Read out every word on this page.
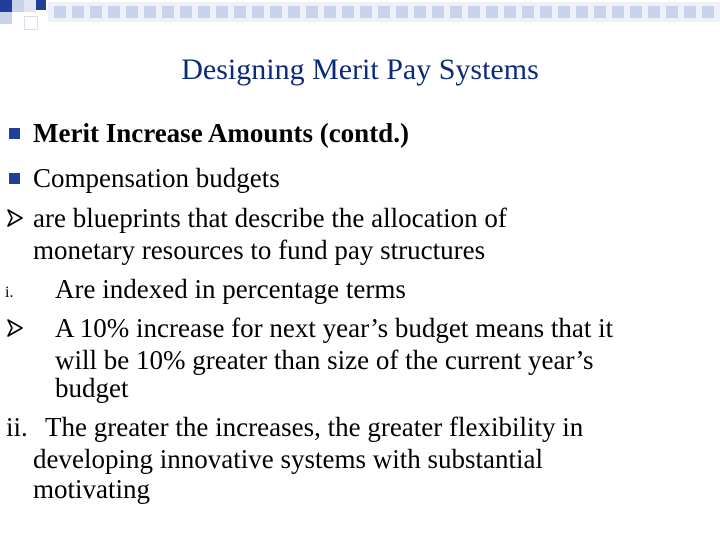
Designing Merit Pay Systems
Merit Increase Amounts (contd.)
Compensation budgets
are blueprints that describe the allocation of
monetary resources to fund pay structures
i. Are indexed in percentage terms
A 10% increase for next year’s budget means that it
will be 10% greater than size of the current year’s
budget
ii. The greater the increases, the greater flexibility in
developing innovative systems with substantial
motivating
